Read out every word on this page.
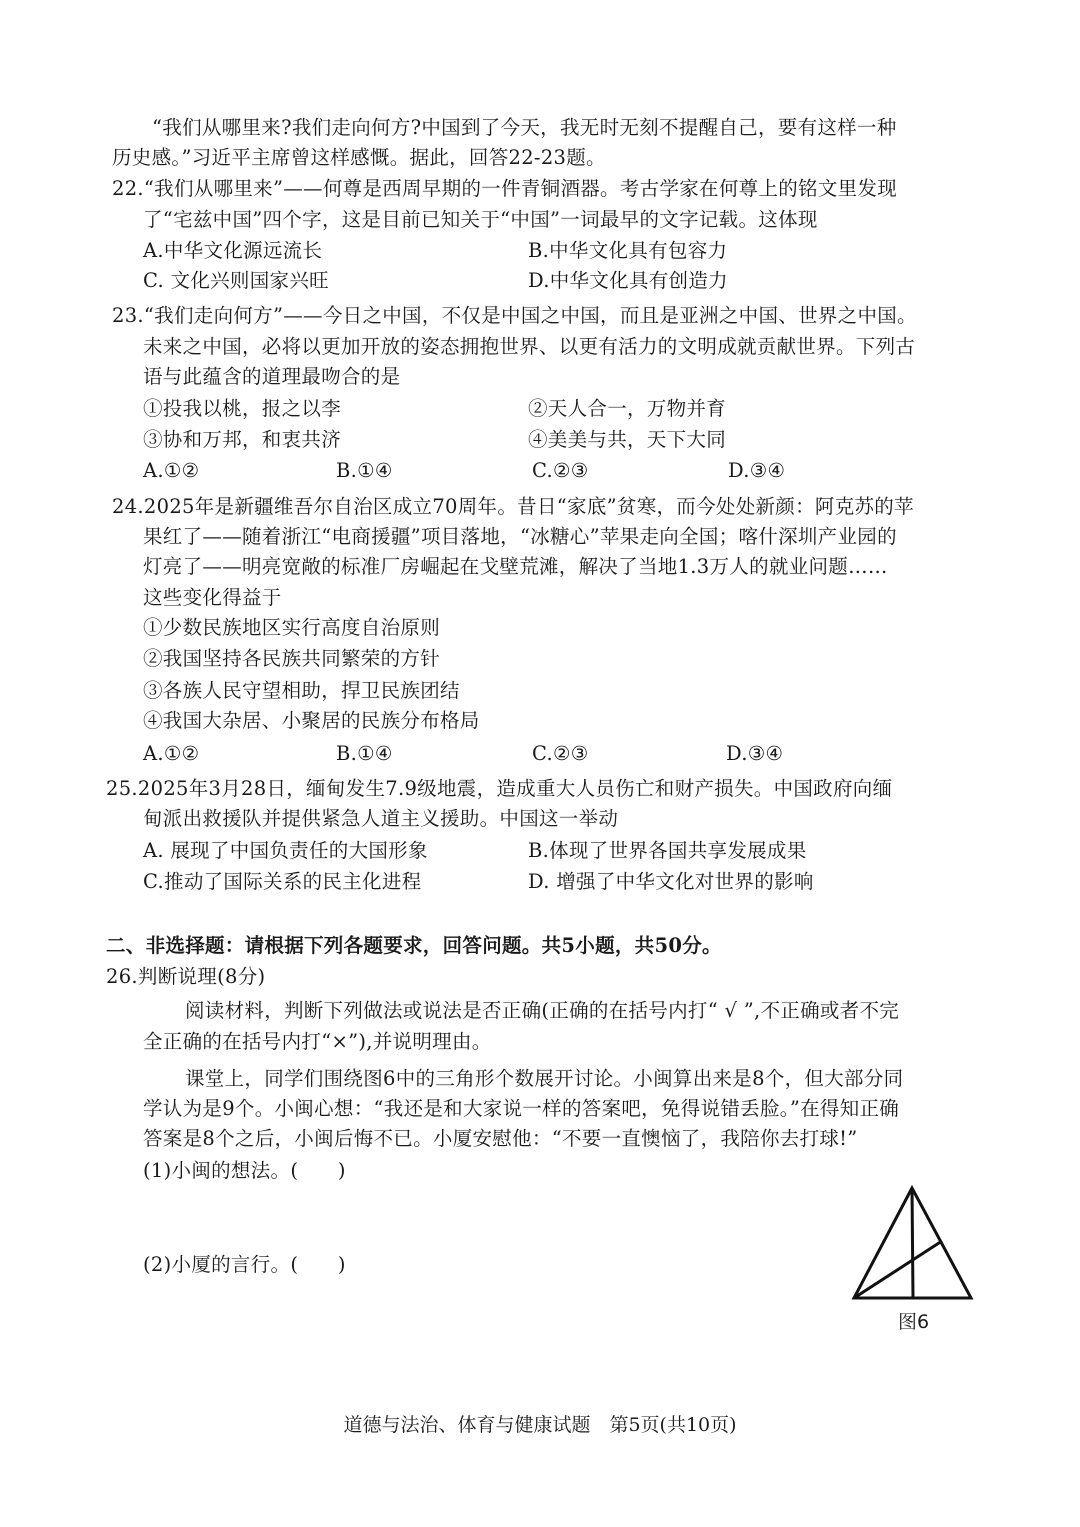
“我们从哪里来?我们走向何方?中国到了今天，我无时无刻不提醒自己，要有这样一种
历史感。”习近平主席曾这样感慨。据此，回答22-23题。
22.“我们从哪里来”——何尊是西周早期的一件青铜酒器。考古学家在何尊上的铭文里发现
了“宅兹中国”四个字，这是目前已知关于“中国”一词最早的文字记载。这体现
A.中华文化源远流长	B.中华文化具有包容力
C. 文化兴则国家兴旺	D.中华文化具有创造力
23.“我们走向何方”——今日之中国，不仅是中国之中国，而且是亚洲之中国、世界之中国。
未来之中国，必将以更加开放的姿态拥抱世界、以更有活力的文明成就贡献世界。下列古
语与此蕴含的道理最吻合的是
①投我以桃，报之以李	②天人合一，万物并育
③协和万邦，和衷共济	④美美与共，天下大同
A.①②	B.①④	C.②③	D.③④
24.2025年是新疆维吾尔自治区成立70周年。昔日“家底”贫寒，而今处处新颜：阿克苏的苹
果红了——随着浙江“电商援疆”项目落地，“冰糖心”苹果走向全国；喀什深圳产业园的
灯亮了——明亮宽敞的标准厂房崛起在戈壁荒滩，解决了当地1.3万人的就业问题……
这些变化得益于
①少数民族地区实行高度自治原则
②我国坚持各民族共同繁荣的方针
③各族人民守望相助，捍卫民族团结
④我国大杂居、小聚居的民族分布格局
A.①②	B.①④	C.②③	D.③④
25.2025年3月28日，缅甸发生7.9级地震，造成重大人员伤亡和财产损失。中国政府向缅
甸派出救援队并提供紧急人道主义援助。中国这一举动
A. 展现了中国负责任的大国形象	B.体现了世界各国共享发展成果
C.推动了国际关系的民主化进程	D. 增强了中华文化对世界的影响
二、非选择题：请根据下列各题要求，回答问题。共5小题，共50分。
26.判断说理(8分)
阅读材料，判断下列做法或说法是否正确(正确的在括号内打“ √ ”,不正确或者不完
全正确的在括号内打“×”),并说明理由。
课堂上，同学们围绕图6中的三角形个数展开讨论。小闽算出来是8个，但大部分同
学认为是9个。小闽心想：“我还是和大家说一样的答案吧，免得说错丢脸。”在得知正确
答案是8个之后，小闽后悔不已。小厦安慰他：“不要一直懊恼了，我陪你去打球!”
(1)小闽的想法。(　　)
(2)小厦的言行。(　　)
图6
道德与法治、体育与健康试题　第5页(共10页)
